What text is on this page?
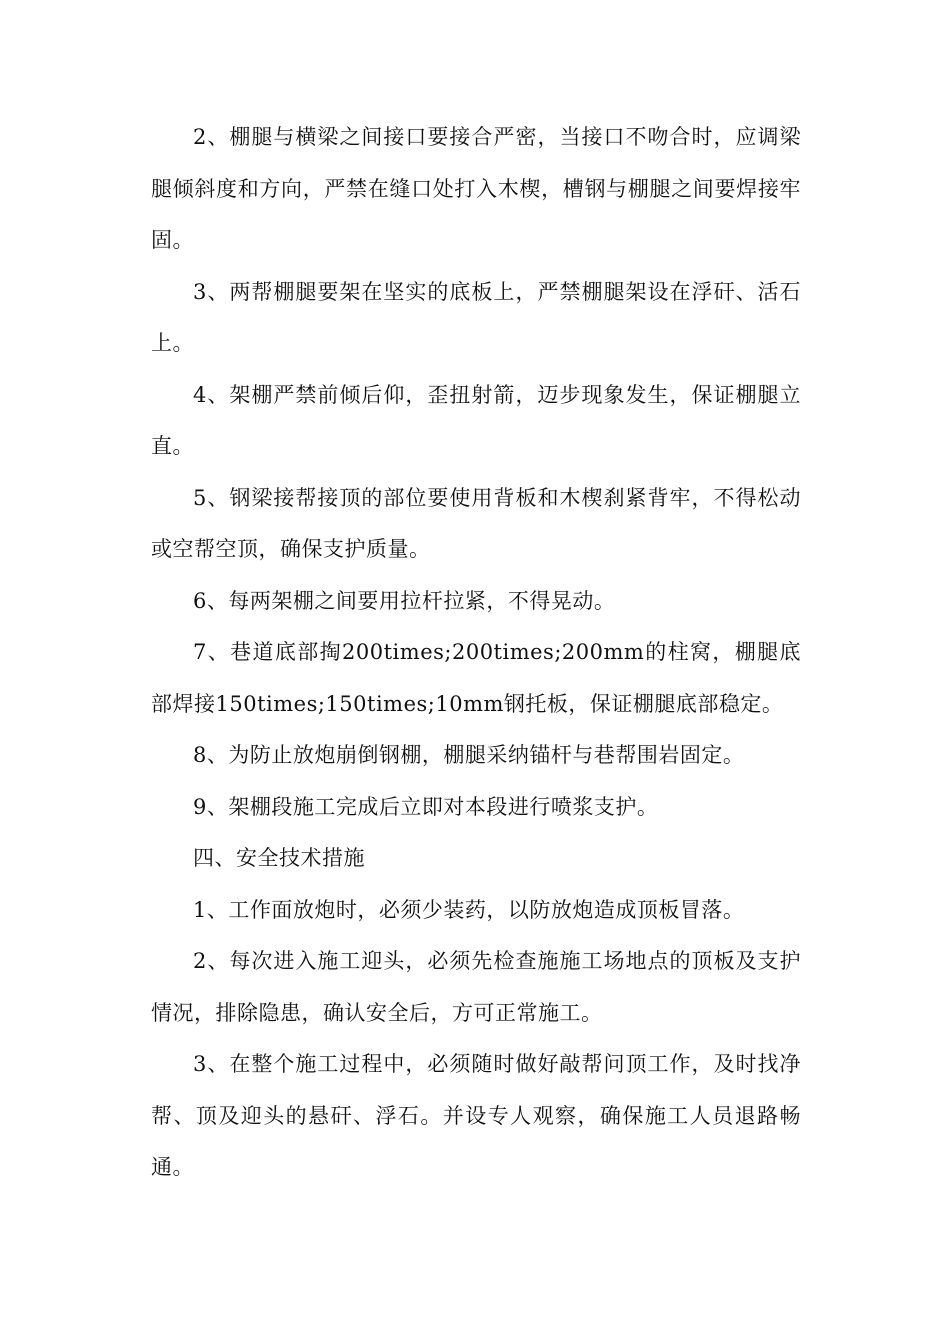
2、棚腿与横梁之间接口要接合严密，当接口不吻合时，应调梁腿倾斜度和方向，严禁在缝口处打入木楔，槽钢与棚腿之间要焊接牢固。

3、两帮棚腿要架在坚实的底板上，严禁棚腿架设在浮矸、活石上。

4、架棚严禁前倾后仰，歪扭射箭，迈步现象发生，保证棚腿立直。

5、钢梁接帮接顶的部位要使用背板和木楔刹紧背牢，不得松动或空帮空顶，确保支护质量。

6、每两架棚之间要用拉杆拉紧，不得晃动。

7、巷道底部掏200times;200times;200mm的柱窝，棚腿底部焊接150times;150times;10mm钢托板，保证棚腿底部稳定。

8、为防止放炮崩倒钢棚，棚腿采纳锚杆与巷帮围岩固定。

9、架棚段施工完成后立即对本段进行喷浆支护。

四、安全技术措施

1、工作面放炮时，必须少装药，以防放炮造成顶板冒落。

2、每次进入施工迎头，必须先检查施施工场地点的顶板及支护情况，排除隐患，确认安全后，方可正常施工。

3、在整个施工过程中，必须随时做好敲帮问顶工作，及时找净帮、顶及迎头的悬矸、浮石。并设专人观察，确保施工人员退路畅通。
